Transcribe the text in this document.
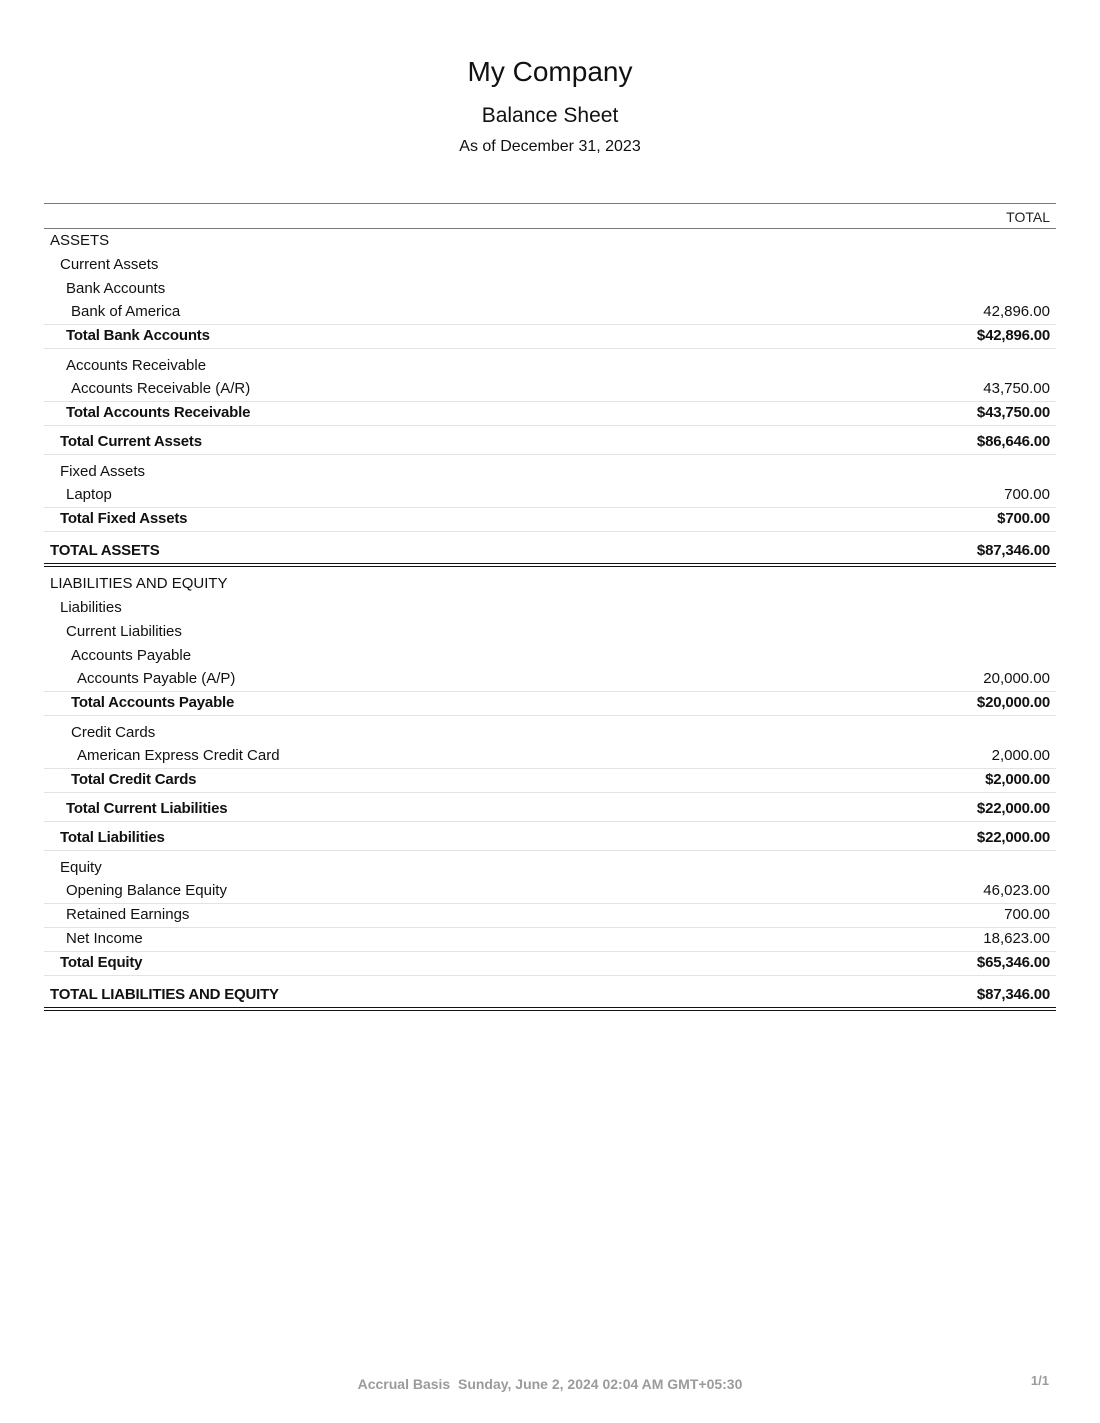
My Company
Balance Sheet
As of December 31, 2023
TOTAL
ASSETS
Current Assets
Bank Accounts
Bank of America	42,896.00
Total Bank Accounts	$42,896.00
Accounts Receivable
Accounts Receivable (A/R)	43,750.00
Total Accounts Receivable	$43,750.00
Total Current Assets	$86,646.00
Fixed Assets
Laptop	700.00
Total Fixed Assets	$700.00
TOTAL ASSETS	$87,346.00
LIABILITIES AND EQUITY
Liabilities
Current Liabilities
Accounts Payable
Accounts Payable (A/P)	20,000.00
Total Accounts Payable	$20,000.00
Credit Cards
American Express Credit Card	2,000.00
Total Credit Cards	$2,000.00
Total Current Liabilities	$22,000.00
Total Liabilities	$22,000.00
Equity
Opening Balance Equity	46,023.00
Retained Earnings	700.00
Net Income	18,623.00
Total Equity	$65,346.00
TOTAL LIABILITIES AND EQUITY	$87,346.00
Accrual Basis Sunday, June 2, 2024 02:04 AM GMT+05:30	1/1
